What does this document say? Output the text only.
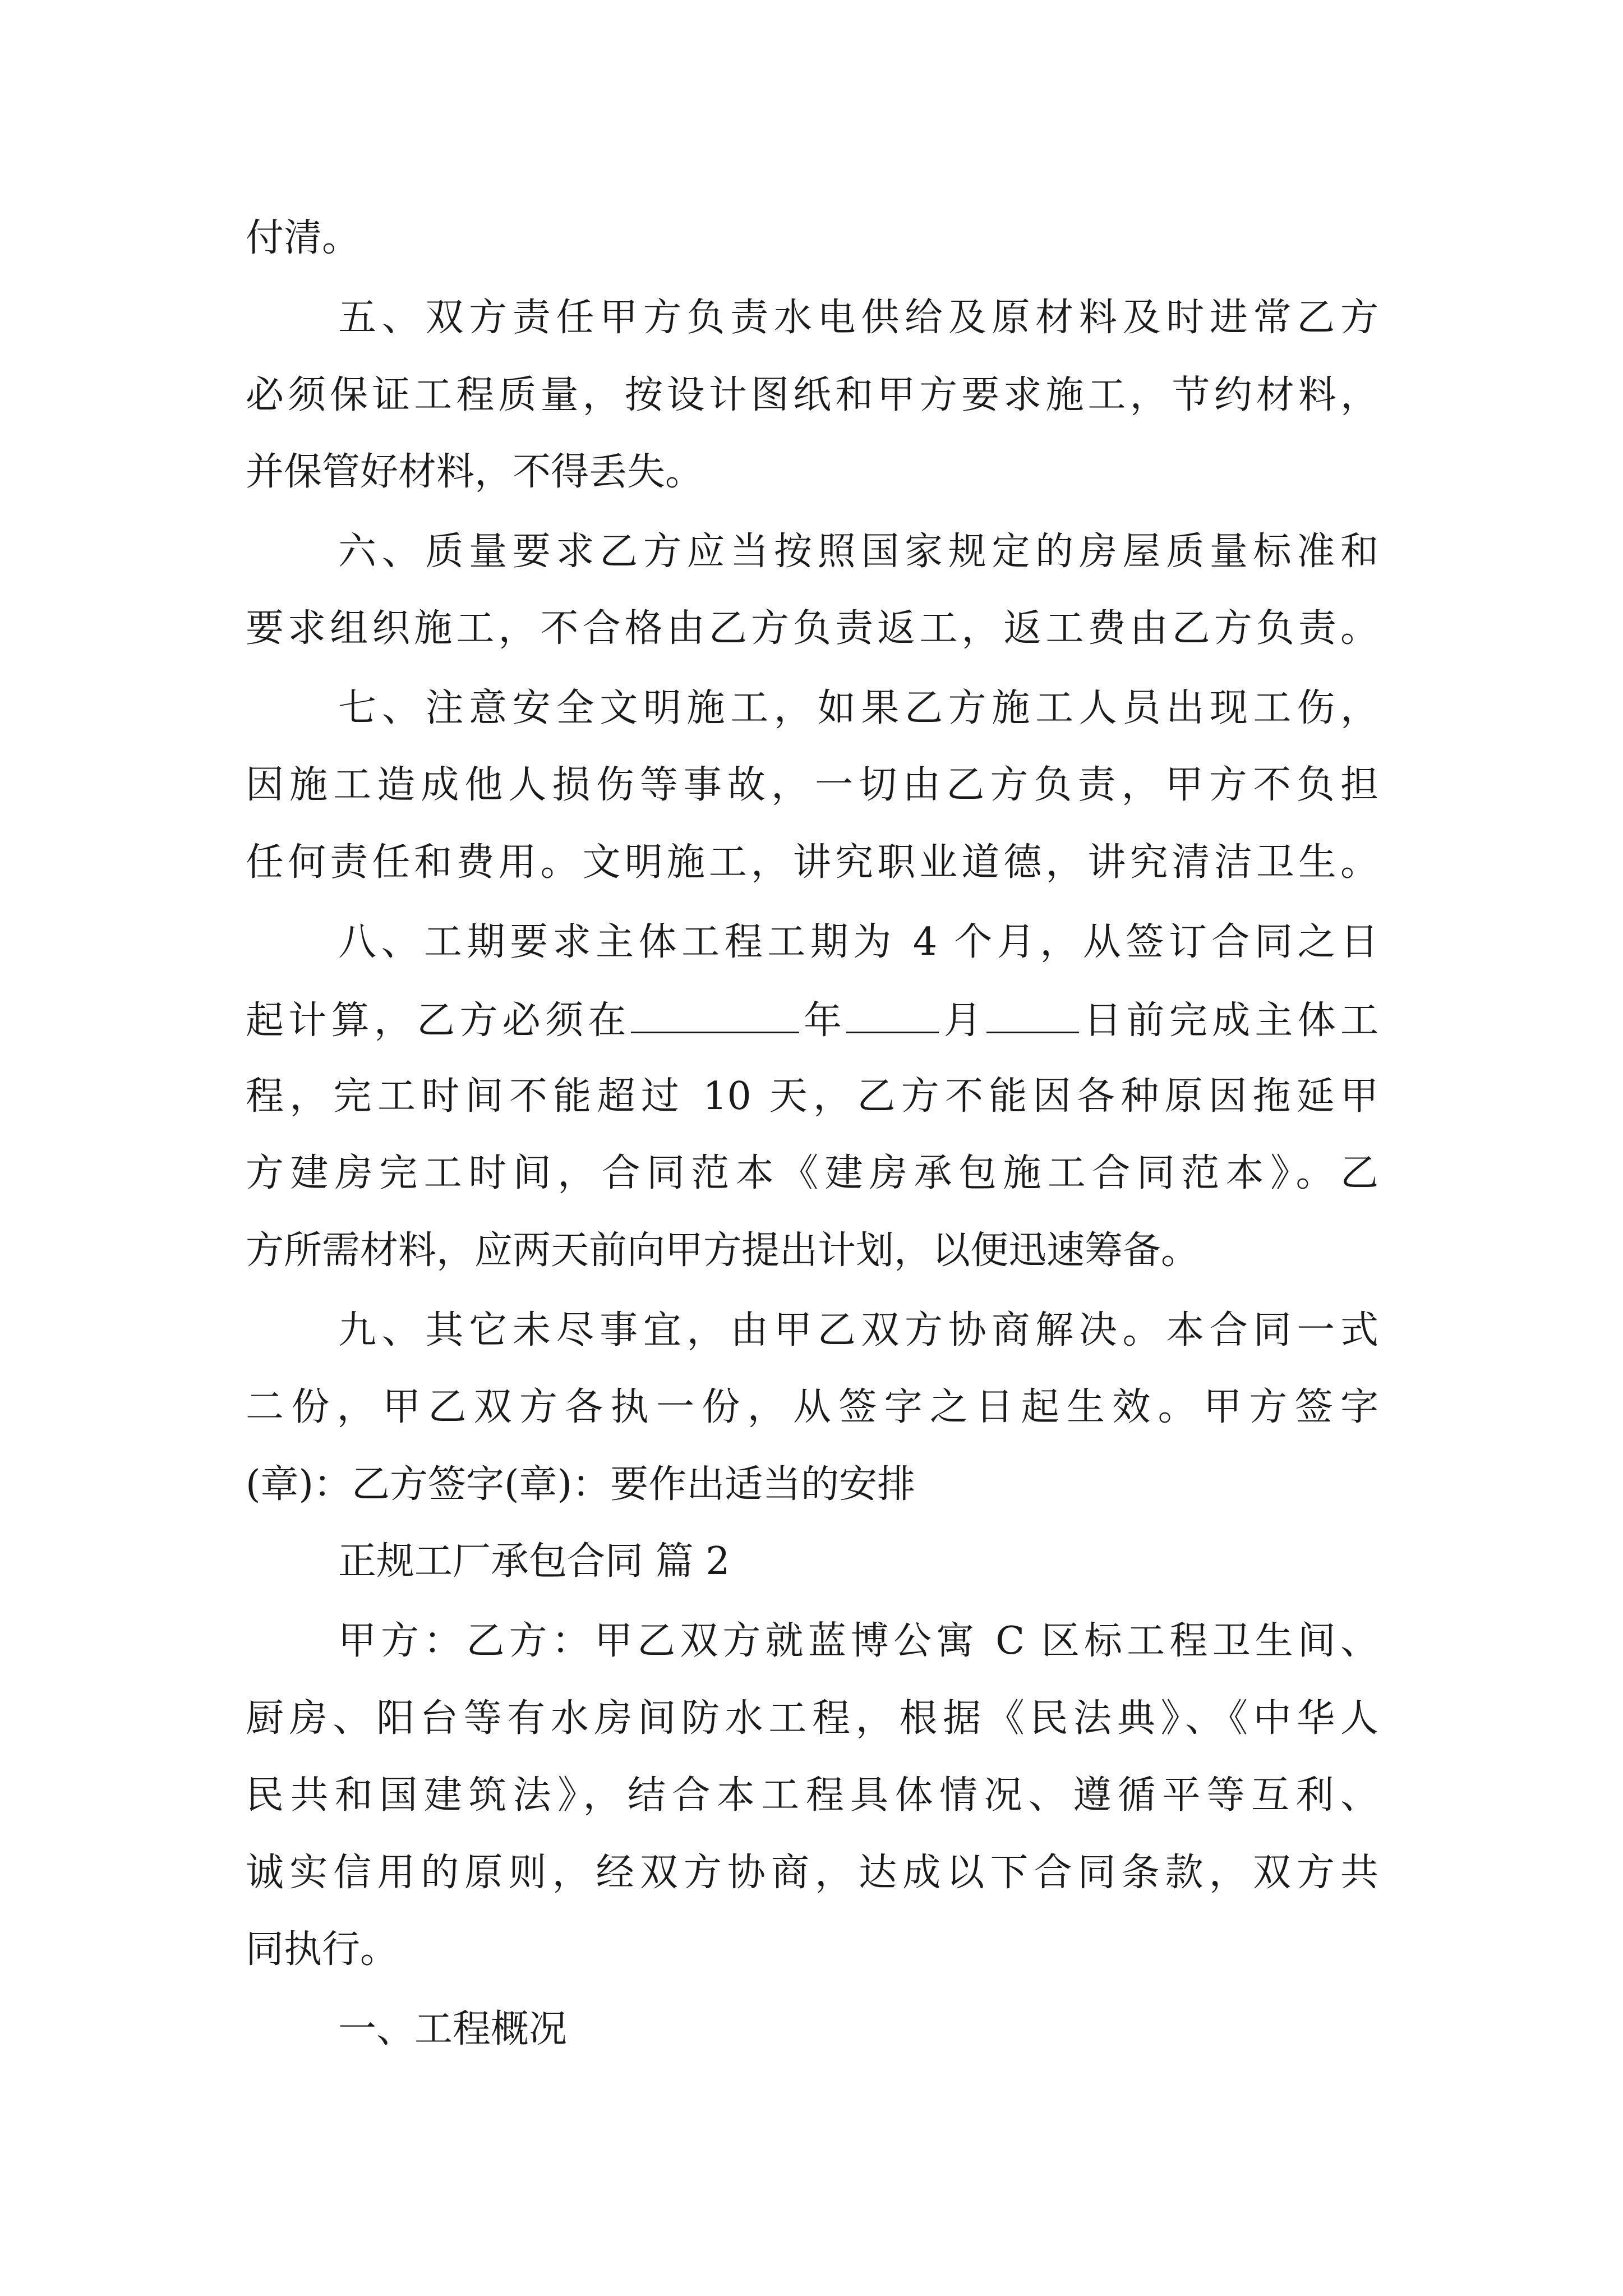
付清。
五、双方责任甲方负责水电供给及原材料及时进常乙方
必须保证工程质量，按设计图纸和甲方要求施工，节约材料，
并保管好材料，不得丢失。
六、质量要求乙方应当按照国家规定的房屋质量标准和
要求组织施工，不合格由乙方负责返工，返工费由乙方负责。
七、注意安全文明施工，如果乙方施工人员出现工伤，
因施工造成他人损伤等事故，一切由乙方负责，甲方不负担
任何责任和费用。文明施工，讲究职业道德，讲究清洁卫生。
八、工期要求主体工程工期为 4 个月，从签订合同之日
起计算，乙方必须在	年 月 日前完成主体工
程，完工时间不能超过 10 天，乙方不能因各种原因拖延甲
方建房完工时间，合同范本《建房承包施工合同范本》。乙
方所需材料，应两天前向甲方提出计划，以便迅速筹备。
九、其它未尽事宜，由甲乙双方协商解决。本合同一式
二份，甲乙双方各执一份，从签字之日起生效。甲方签字
(章)：乙方签字(章)：要作出适当的安排
正规工厂承包合同 篇 2
甲方：乙方：甲乙双方就蓝博公寓 C 区标工程卫生间、
厨房、阳台等有水房间防水工程，根据《民法典》、《中华人
民共和国建筑法》，结合本工程具体情况、遵循平等互利、
诚实信用的原则，经双方协商，达成以下合同条款，双方共
同执行。
一、工程概况
